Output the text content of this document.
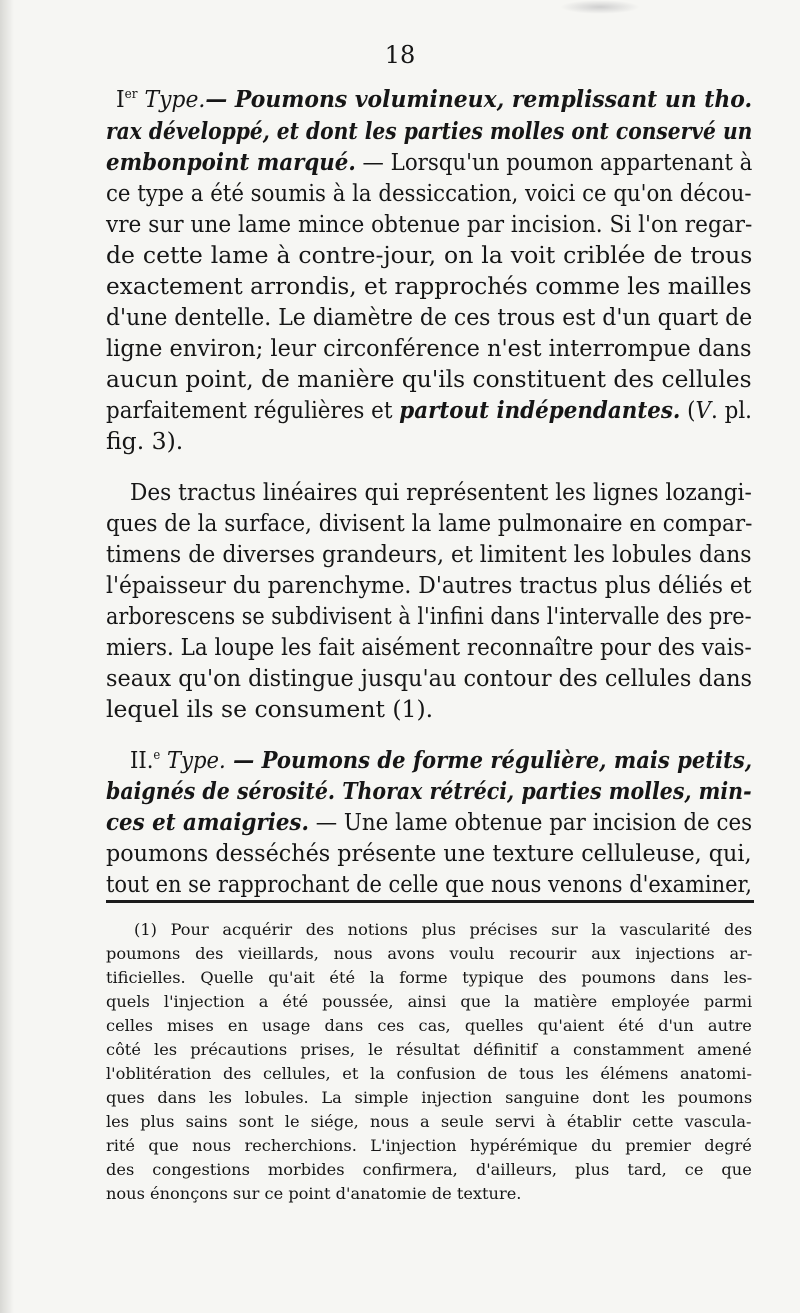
18
Ier Type.— Poumons volumineux, remplissant un tho.
rax développé, et dont les parties molles ont conservé un
embonpoint marqué. — Lorsqu'un poumon appartenant à
ce type a été soumis à la dessiccation, voici ce qu'on décou-
vre sur une lame mince obtenue par incision. Si l'on regar-
de cette lame à contre-jour, on la voit criblée de trous
exactement arrondis, et rapprochés comme les mailles
d'une dentelle. Le diamètre de ces trous est d'un quart de
ligne environ; leur circonférence n'est interrompue dans
aucun point, de manière qu'ils constituent des cellules
parfaitement régulières et partout indépendantes. (V. pl.
fig. 3).
Des tractus linéaires qui représentent les lignes lozangi-
ques de la surface, divisent la lame pulmonaire en compar-
timens de diverses grandeurs, et limitent les lobules dans
l'épaisseur du parenchyme. D'autres tractus plus déliés et
arborescens se subdivisent à l'infini dans l'intervalle des pre-
miers. La loupe les fait aisément reconnaître pour des vais-
seaux qu'on distingue jusqu'au contour des cellules dans
lequel ils se consument (1).
II.$^e$ Type. — Poumons de forme régulière, mais petits,
baignés de sérosité. Thorax rétréci, parties molles, min-
ces et amaigries. — Une lame obtenue par incision de ces
poumons desséchés présente une texture celluleuse, qui,
tout en se rapprochant de celle que nous venons d'examiner,
(1) Pour acquérir des notions plus précises sur la vascularité des
poumons des vieillards, nous avons voulu recourir aux injections ar-
tificielles. Quelle qu'ait été la forme typique des poumons dans les-
quels l'injection a été poussée, ainsi que la matière employée parmi
celles mises en usage dans ces cas, quelles qu'aient été d'un autre
côté les précautions prises, le résultat définitif a constamment amené
l'oblitération des cellules, et la confusion de tous les élémens anatomi-
ques dans les lobules. La simple injection sanguine dont les poumons
les plus sains sont le siége, nous a seule servi à établir cette vascula-
rité que nous recherchions. L'injection hypérémique du premier degré
des congestions morbides confirmera, d'ailleurs, plus tard, ce que
nous énonçons sur ce point d'anatomie de texture.
